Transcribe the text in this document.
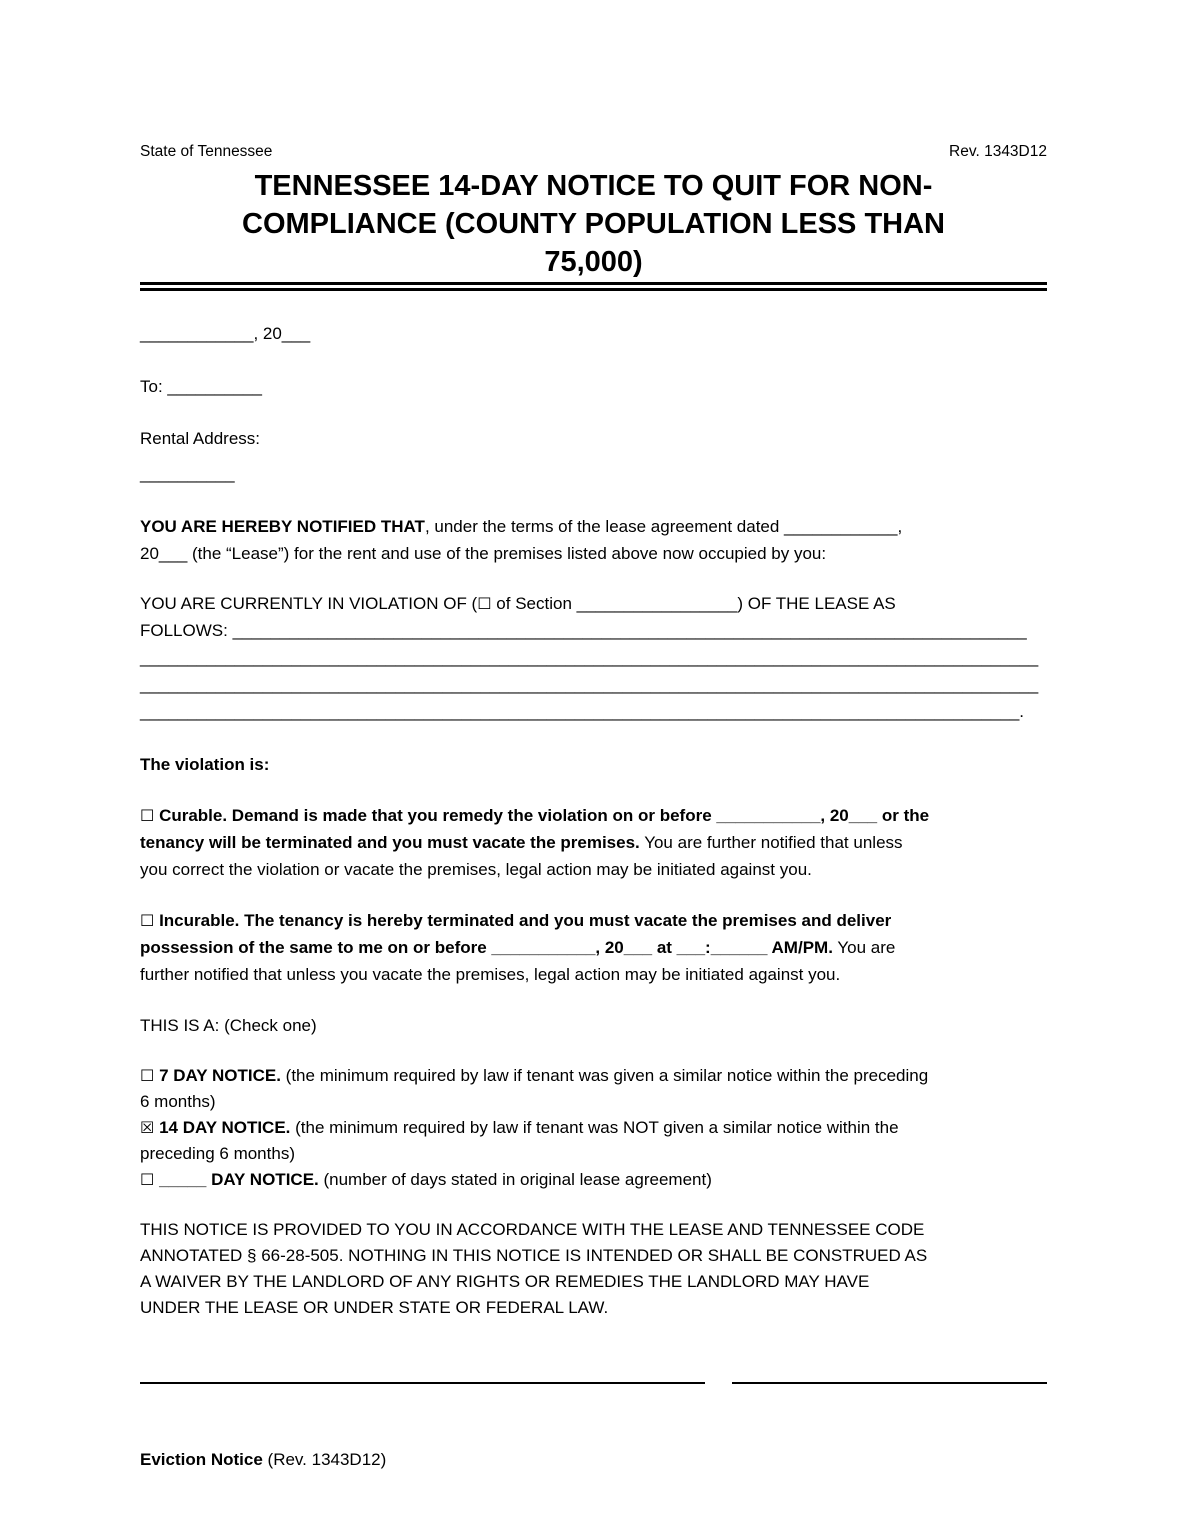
State of Tennessee	Rev. 1343D12
TENNESSEE 14-DAY NOTICE TO QUIT FOR NON-
COMPLIANCE (COUNTY POPULATION LESS THAN
75,000)

____________, 20___

To: __________

Rental Address:

__________

YOU ARE HEREBY NOTIFIED THAT, under the terms of the lease agreement dated ____________,
20___ (the “Lease”) for the rent and use of the premises listed above now occupied by you:

YOU ARE CURRENTLY IN VIOLATION OF (☐ of Section _________________) OF THE LEASE AS
FOLLOWS: ____________________________________________________________________________________
_______________________________________________________________________________________________
_______________________________________________________________________________________________
_____________________________________________________________________________________________.

The violation is:

☐ Curable. Demand is made that you remedy the violation on or before ___________, 20___ or the
tenancy will be terminated and you must vacate the premises. You are further notified that unless
you correct the violation or vacate the premises, legal action may be initiated against you.

☐ Incurable. The tenancy is hereby terminated and you must vacate the premises and deliver
possession of the same to me on or before ___________, 20___ at ___:______ AM/PM. You are
further notified that unless you vacate the premises, legal action may be initiated against you.

THIS IS A: (Check one)

☐ 7 DAY NOTICE. (the minimum required by law if tenant was given a similar notice within the preceding
6 months)

☒ 14 DAY NOTICE. (the minimum required by law if tenant was NOT given a similar notice within the
preceding 6 months)

☐ _____ DAY NOTICE. (number of days stated in original lease agreement)

THIS NOTICE IS PROVIDED TO YOU IN ACCORDANCE WITH THE LEASE AND TENNESSEE CODE
ANNOTATED § 66-28-505. NOTHING IN THIS NOTICE IS INTENDED OR SHALL BE CONSTRUED AS
A WAIVER BY THE LANDLORD OF ANY RIGHTS OR REMEDIES THE LANDLORD MAY HAVE
UNDER THE LEASE OR UNDER STATE OR FEDERAL LAW.

Eviction Notice (Rev. 1343D12)
